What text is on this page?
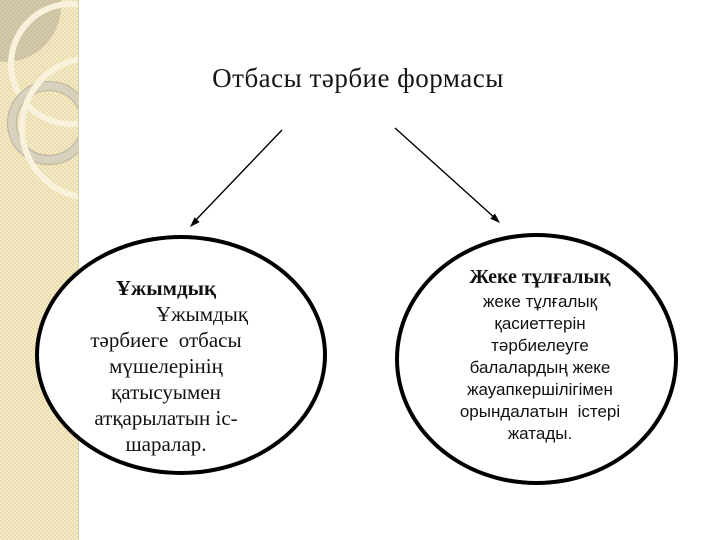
Отбасы тәрбие формасы
Ұжымдық
Ұжымдық
тәрбиеге  отбасы
мүшелерінің
қатысуымен
атқарылатын іс-
шаралар.
Жеке тұлғалық
жеке тұлғалық
қасиеттерін
тәрбиелеуге
балалардың жеке
жауапкершілігімен
орындалатын  істері
жатады.
